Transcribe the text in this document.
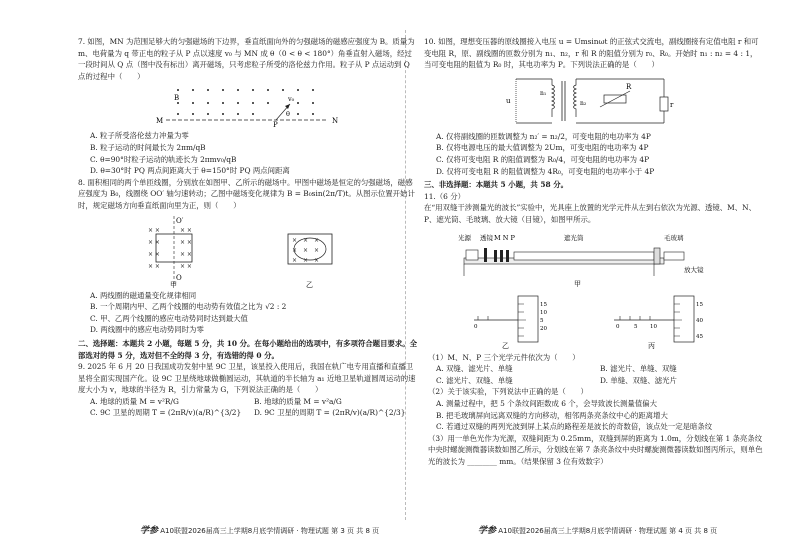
7. 如图，MN 为范围足够大的匀强磁场的下边界，垂直纸面向外的匀强磁场的磁感应强度为 B。质量为 m、电荷量为 q 带正电的粒子从 P 点以速度 v₀ 与 MN 成 θ（0 < θ < 180°）角垂直射入磁场，经过一段时间从 Q 点（图中没有标出）离开磁场，只考虑粒子所受的洛伦兹力作用。粒子从 P 点运动到 Q 点的过程中（　　）

B
M	N
P
v₀
θ

A. 粒子所受洛伦兹力冲量为零

B. 粒子运动的时间最长为 2πm/qB

C. θ=90°时粒子运动的轨迹长为 2πmv₀/qB

D. θ=30°时 PQ 两点间距离大于 θ=150°时 PQ 两点间距离

8. 面积相同的两个单匝线圈，分别放在如图甲、乙所示的磁场中。甲图中磁场是恒定的匀强磁场，磁感应强度为 B₀，线圈绕 OO′ 轴匀速转动；乙图中磁场变化规律为 B = B₀sin(2π/T)t。从图示位置开始计时，规定磁场方向垂直纸面向里为正，则（　　）

× ×	× ×
× ×	× ×
× ×	× ×
× ×	× ×
O′
O
甲
×　×　×
×　×　×
×　×　×
乙

A. 两线圈的磁通量变化规律相同

B. 一个周期内甲、乙两个线圈的电动势有效值之比为 √2 : 2

C. 甲、乙两个线圈的感应电动势同时达到最大值

D. 两线圈中的感应电动势同时为零

二、选择题：本题共 2 小题，每题 5 分，共 10 分。在每小题给出的选项中，有多项符合题目要求。全部选对的得 5 分，选对但不全的得 3 分，有选错的得 0 分。

9. 2025 年 6 月 20 日我国成功发射中星 9C 卫星，该星投入使用后，我国在轨广电专用直播和直播卫星将全面实现国产化。设 9C 卫星绕地球做椭圆运动，其轨道的半长轴为 a₁ 近地卫星轨道圆周运动的速度大小为 v，地球的半径为 R，引力常量为 G，下列说法正确的是（　　）

A. 地球的质量 M = v²R/G	B. 地球的质量 M = v²a/G

C. 9C 卫星的周期 T = (2πR/v)(a/R)^{3/2}	D. 9C 卫星的周期 T = (2πR/v)(a/R)^{2/3}

学参 A10联盟2026届高三上学期8月底学情调研 · 物理试题 第 3 页 共 8 页

10. 如图，理想变压器的原线圈接入电压 u = Umsinωt 的正弦式交流电，副线圈接有定值电阻 r 和可变电阻 R，原、副线圈的匝数分别为 n₁、n₂，r 和 R 的阻值分别为 r₀、R₀。开始时 n₁ : n₂ = 4 : 1，当可变电阻的阻值为 R₀ 时，其电功率为 P。下列说法正确的是（　　）

u
n₁
n₂
R
r

A. 仅将副线圈的匝数调整为 n₂′ = n₂/2，可变电阻的电功率为 4P

B. 仅将电源电压的最大值调整为 2Um，可变电阻的电功率为 4P

C. 仅将可变电阻 R 的阻值调整为 R₀/4，可变电阻的电功率为 4P

D. 仅将可变电阻 R 的阻值调整为 4R₀，可变电阻的电功率小于 4P

三、非选择题：本题共 5 小题，共 58 分。

11.（6 分）

在“用双缝干涉测量光的波长”实验中，光具座上放置的光学元件从左到右依次为光源、透镜、M、N、P、遮光筒、毛玻璃、放大镜（目镜），如图甲所示。

光源 透镜 M N P	遮光筒	毛玻璃
放大镜
甲
0
15
10
5
20
乙
0	5 10
15
40
45
丙

（1）M、N、P 三个光学元件依次为（　　）

A. 双缝、滤光片、单缝	B. 滤光片、单缝、双缝

C. 滤光片、双缝、单缝	D. 单缝、双缝、滤光片

（2）关于该实验，下列说法中正确的是（　　）

A. 测量过程中，把 5 个条纹间距数成 6 个，会导致波长测量值偏大

B. 把毛玻璃屏向远离双缝的方向移动，相邻两条亮条纹中心的距离增大

C. 若通过双缝的两列光波到屏上某点的路程差是波长的奇数倍，该点处一定是暗条纹

（3）用一单色光作为光源，双缝间距为 0.25mm，双缝到屏的距离为 1.0m，分划线在第 1 条亮条纹中央时螺旋测微器读数如图乙所示，分划线在第 7 条亮条纹中央时螺旋测微器读数如图丙所示，则单色光的波长为 ________ mm。（结果保留 3 位有效数字）

学参 A10联盟2026届高三上学期8月底学情调研 · 物理试题 第 4 页 共 8 页
